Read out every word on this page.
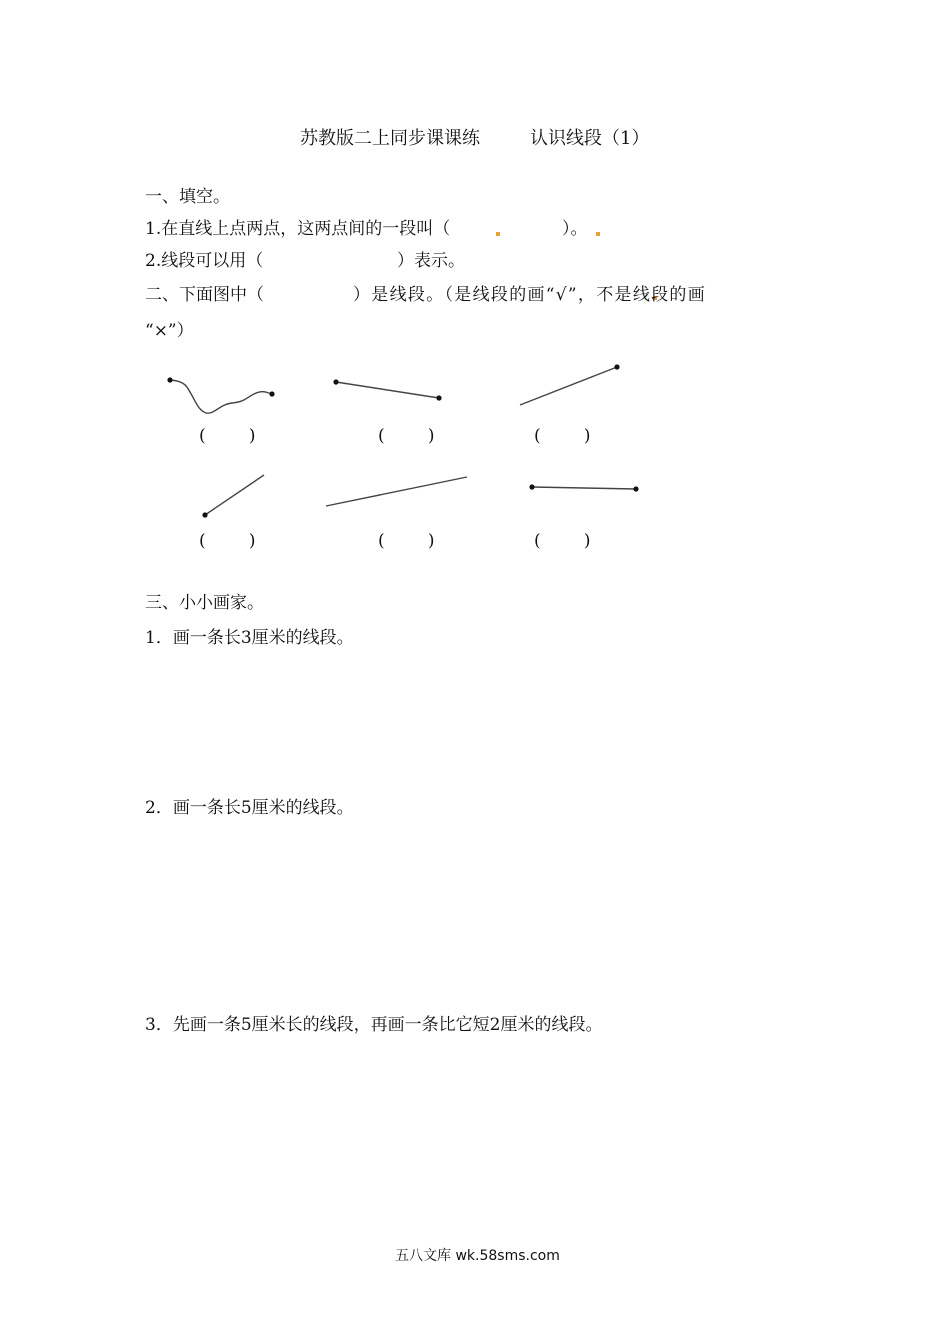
苏教版二上同步课课练	认识线段（1）
一、填空。
1.在直线上点两点，这两点间的一段叫（	）。
2.线段可以用（	）表示。
二、下面图中（	）是线段。（是线段的画“√”，不是线段的画
“×”）
(        )	(        )	(        )
(        )	(        )	(        )
三、小小画家。
1．画一条长3厘米的线段。
2．画一条长5厘米的线段。
3．先画一条5厘米长的线段，再画一条比它短2厘米的线段。
五八文库 wk.58sms.com
